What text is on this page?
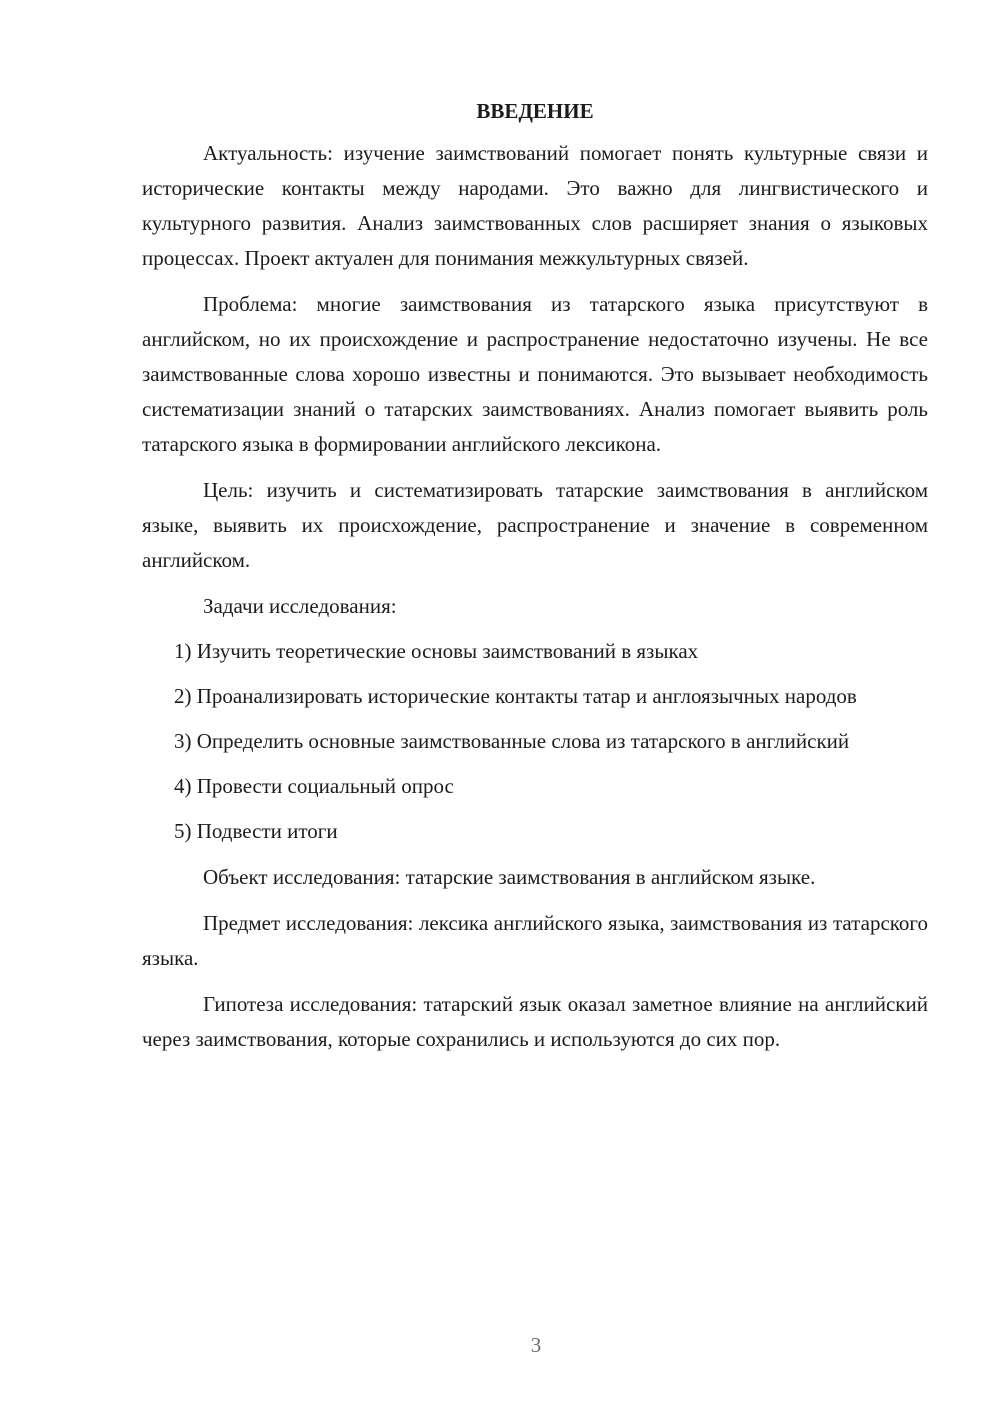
ВВЕДЕНИЕ

Актуальность: изучение заимствований помогает понять культурные связи и исторические контакты между народами. Это важно для лингвистического и культурного развития. Анализ заимствованных слов расширяет знания о языковых процессах. Проект актуален для понимания межкультурных связей.

Проблема: многие заимствования из татарского языка присутствуют в английском, но их происхождение и распространение недостаточно изучены. Не все заимствованные слова хорошо известны и понимаются. Это вызывает необходимость систематизации знаний о татарских заимствованиях. Анализ помогает выявить роль татарского языка в формировании английского лексикона.

Цель: изучить и систематизировать татарские заимствования в английском языке, выявить их происхождение, распространение и значение в современном английском.

Задачи исследования:

1) Изучить теоретические основы заимствований в языках

2) Проанализировать исторические контакты татар и англоязычных народов

3) Определить основные заимствованные слова из татарского в английский

4) Провести социальный опрос

5) Подвести итоги

Объект исследования: татарские заимствования в английском языке.

Предмет исследования: лексика английского языка, заимствования из татарского языка.

Гипотеза исследования: татарский язык оказал заметное влияние на английский через заимствования, которые сохранились и используются до сих пор.

3
